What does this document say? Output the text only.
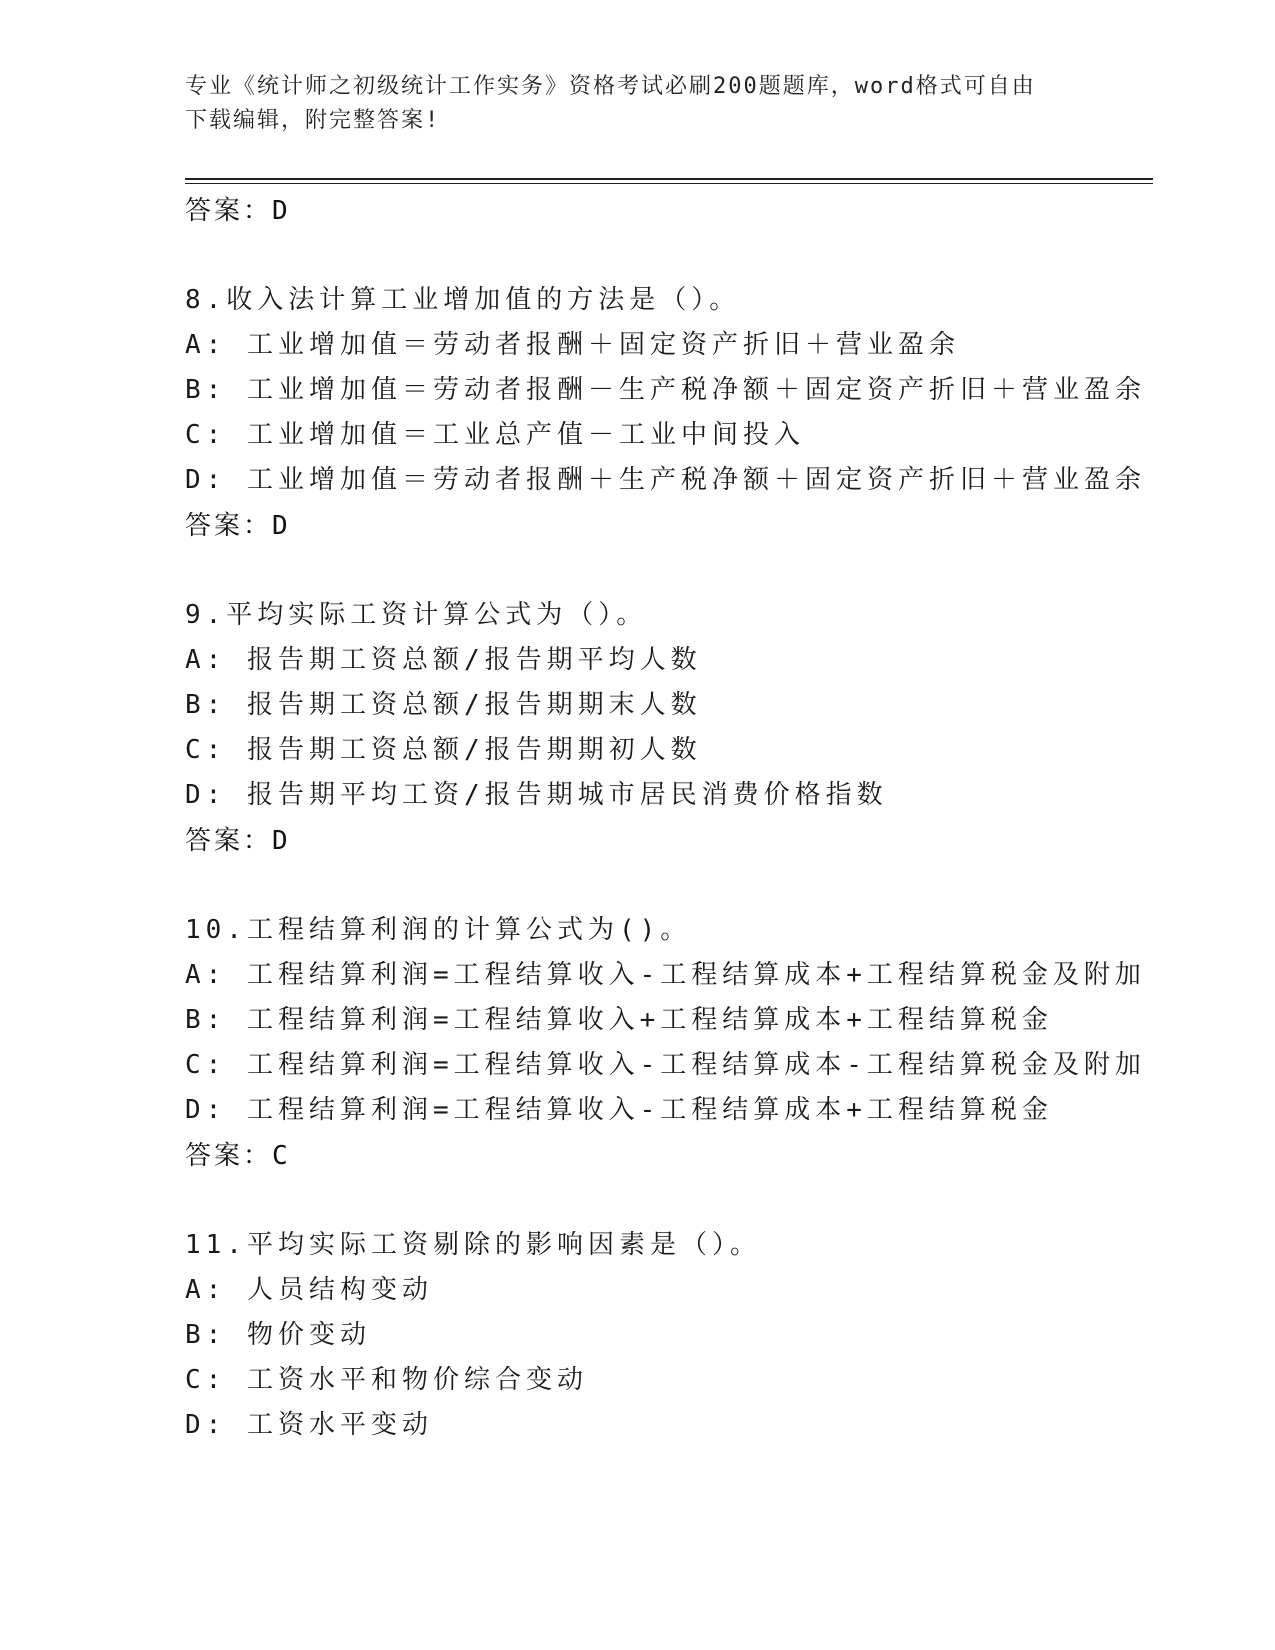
专业《统计师之初级统计工作实务》资格考试必刷200题题库，word格式可自由
下载编辑，附完整答案!
答案：D
8.收入法计算工业增加值的方法是（）。
A: 工业增加值＝劳动者报酬＋固定资产折旧＋营业盈余
B: 工业增加值＝劳动者报酬－生产税净额＋固定资产折旧＋营业盈余
C: 工业增加值＝工业总产值－工业中间投入
D: 工业增加值＝劳动者报酬＋生产税净额＋固定资产折旧＋营业盈余
答案：D
9.平均实际工资计算公式为（）。
A: 报告期工资总额/报告期平均人数
B: 报告期工资总额/报告期期末人数
C: 报告期工资总额/报告期期初人数
D: 报告期平均工资/报告期城市居民消费价格指数
答案：D
10.工程结算利润的计算公式为()。
A: 工程结算利润=工程结算收入-工程结算成本+工程结算税金及附加
B: 工程结算利润=工程结算收入+工程结算成本+工程结算税金
C: 工程结算利润=工程结算收入-工程结算成本-工程结算税金及附加
D: 工程结算利润=工程结算收入-工程结算成本+工程结算税金
答案：C
11.平均实际工资剔除的影响因素是（）。
A: 人员结构变动
B: 物价变动
C: 工资水平和物价综合变动
D: 工资水平变动
